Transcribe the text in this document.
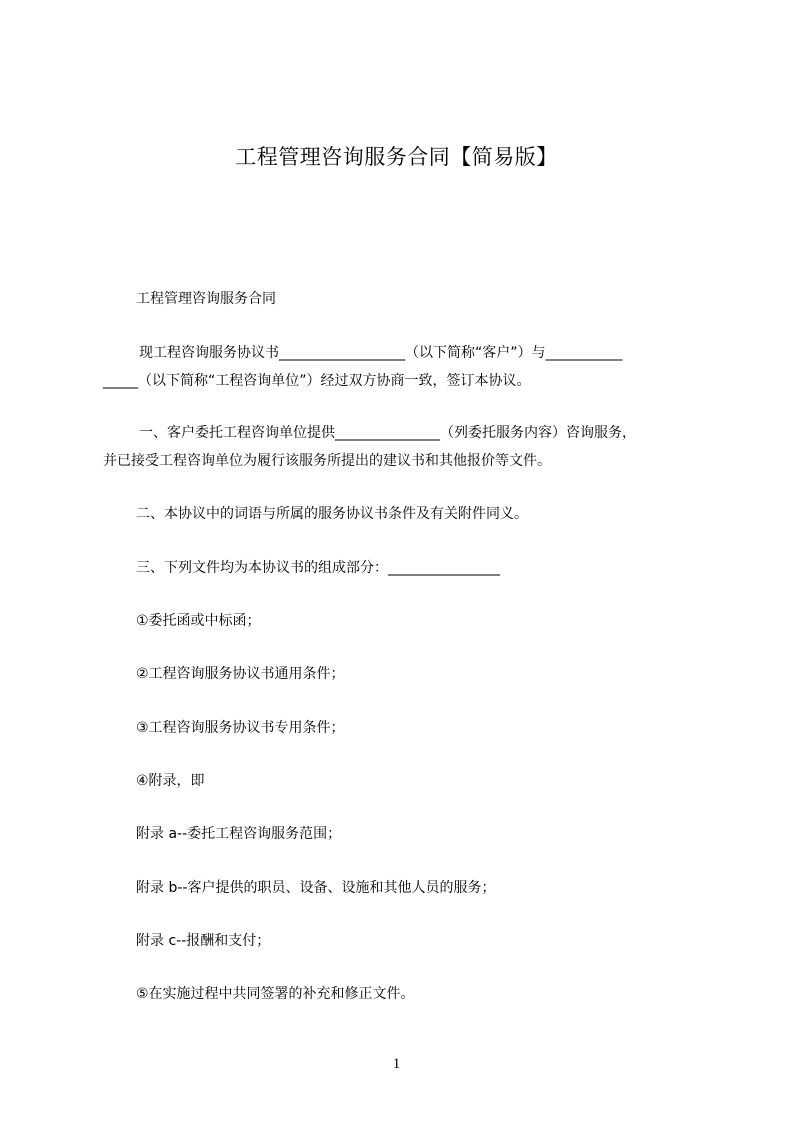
工程管理咨询服务合同【简易版】
工程管理咨询服务合同
现工程咨询服务协议书__________________（以下简称“客户”）与___________
_____（以下简称“工程咨询单位”）经过双方协商一致，签订本协议。
一、客户委托工程咨询单位提供_______________（列委托服务内容）咨询服务，
并已接受工程咨询单位为履行该服务所提出的建议书和其他报价等文件。
二、本协议中的词语与所属的服务协议书条件及有关附件同义。
三、下列文件均为本协议书的组成部分：________________
①委托函或中标函；
②工程咨询服务协议书通用条件；
③工程咨询服务协议书专用条件；
④附录，即
附录 a--委托工程咨询服务范围；
附录 b--客户提供的职员、设备、设施和其他人员的服务；
附录 c--报酬和支付；
⑤在实施过程中共同签署的补充和修正文件。
1
